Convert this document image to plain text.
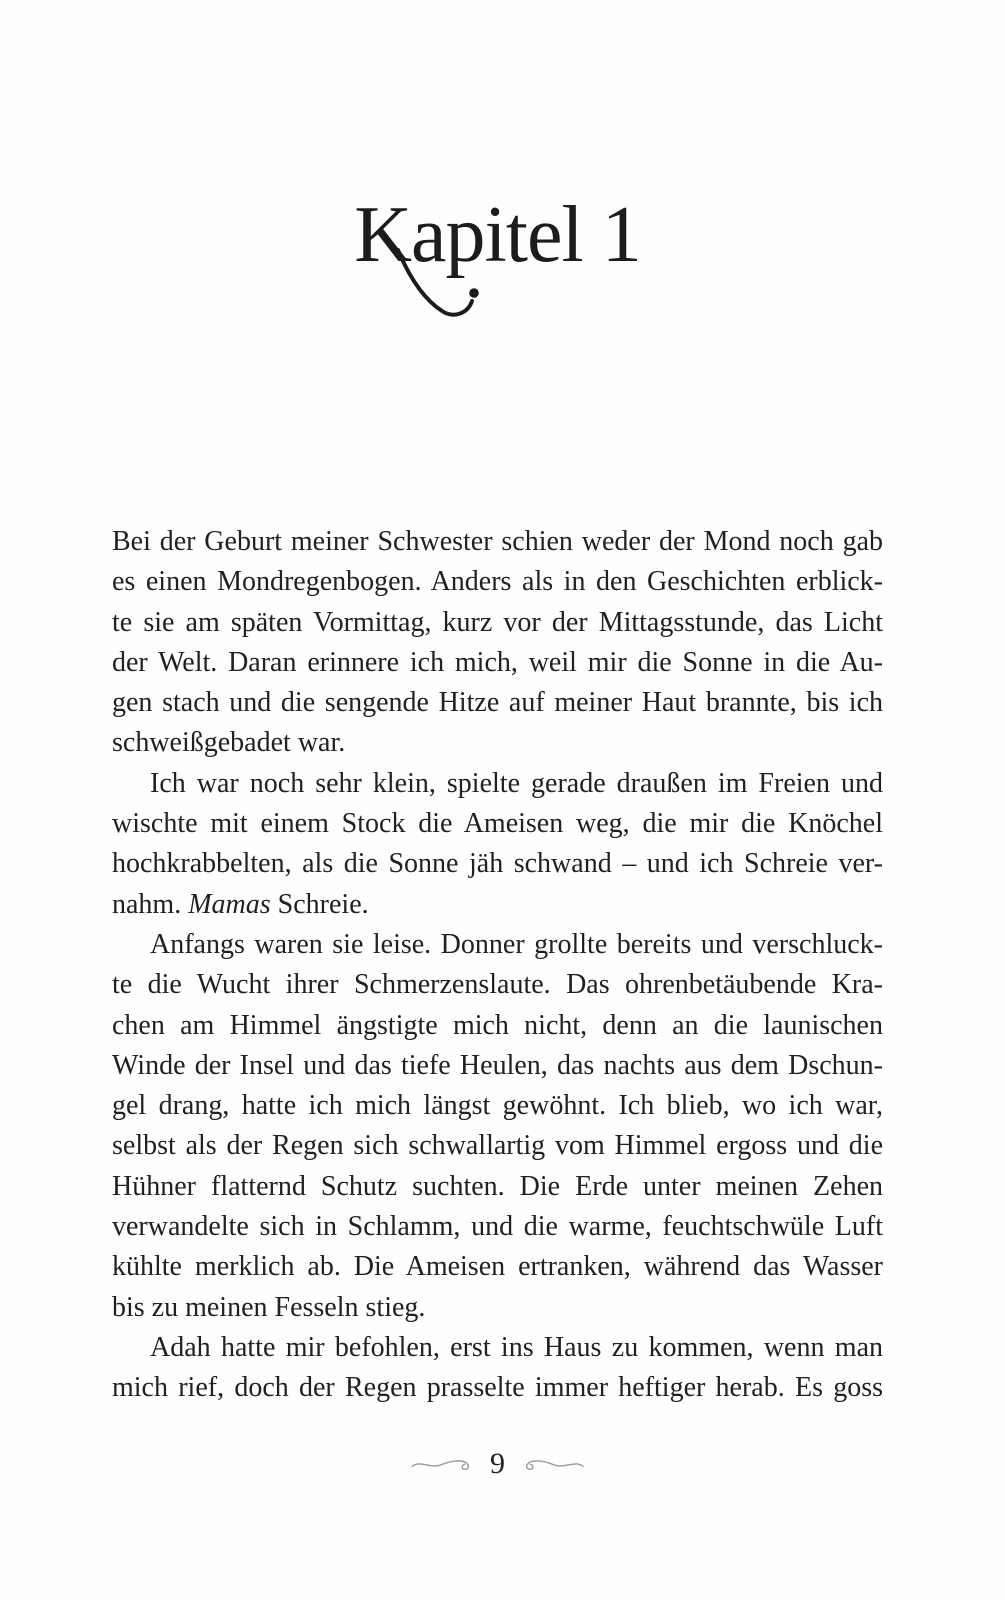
Kapitel 1
Bei der Geburt meiner Schwester schien weder der Mond noch gab
es einen Mondregenbogen. Anders als in den Geschichten erblick-
te sie am späten Vormittag, kurz vor der Mittagsstunde, das Licht
der Welt. Daran erinnere ich mich, weil mir die Sonne in die Au-
gen stach und die sengende Hitze auf meiner Haut brannte, bis ich
schweißgebadet war.
Ich war noch sehr klein, spielte gerade draußen im Freien und
wischte mit einem Stock die Ameisen weg, die mir die Knöchel
hochkrabbelten, als die Sonne jäh schwand – und ich Schreie ver-
nahm. Mamas Schreie.
Anfangs waren sie leise. Donner grollte bereits und verschluck-
te die Wucht ihrer Schmerzenslaute. Das ohrenbetäubende Kra-
chen am Himmel ängstigte mich nicht, denn an die launischen
Winde der Insel und das tiefe Heulen, das nachts aus dem Dschun-
gel drang, hatte ich mich längst gewöhnt. Ich blieb, wo ich war,
selbst als der Regen sich schwallartig vom Himmel ergoss und die
Hühner flatternd Schutz suchten. Die Erde unter meinen Zehen
verwandelte sich in Schlamm, und die warme, feuchtschwüle Luft
kühlte merklich ab. Die Ameisen ertranken, während das Wasser
bis zu meinen Fesseln stieg.
Adah hatte mir befohlen, erst ins Haus zu kommen, wenn man
mich rief, doch der Regen prasselte immer heftiger herab. Es goss
9
